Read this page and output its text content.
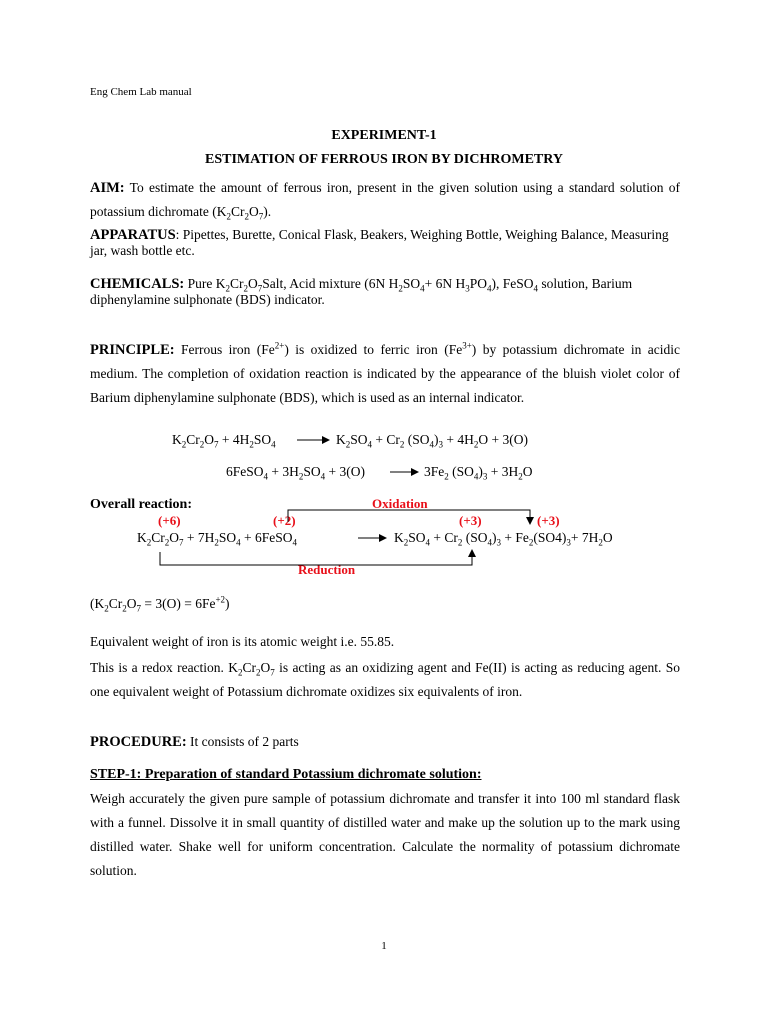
Eng Chem Lab manual
EXPERIMENT-1
ESTIMATION OF FERROUS IRON BY DICHROMETRY
AIM: To estimate the amount of ferrous iron, present in the given solution using a standard solution of potassium dichromate $(K_2Cr_2O_7)$.
APPARATUS: Pipettes, Burette, Conical Flask, Beakers, Weighing Bottle, Weighing Balance, Measuring jar, wash bottle etc.
CHEMICALS: Pure $K_2Cr_2O_7Salt$, Acid mixture (6N $H_2SO_4+ 6N$ $H_3PO_4$), FeSO$_4$ solution, Barium diphenylamine sulphonate (BDS) indicator.
PRINCIPLE: Ferrous iron $(Fe^{2+})$ is oxidized to ferric iron $(Fe^{3+})$ by potassium dichromate in acidic medium. The completion of oxidation reaction is indicated by the appearance of the bluish violet color of Barium diphenylamine sulphonate (BDS), which is used as an internal indicator.
$K_2Cr_2O_7 + 4H_2SO_4$	$K_2SO_4 + Cr_2$ $(SO_4)_3 + 4H_2O + 3(O)$
6FeSO$_4$ + $3H_2SO_4 + 3(O)$	$3Fe_2$ $(SO_4)_3 + 3H_2O$
Overall reaction:	Oxidation
(+6)	(+2)	(+3)	(+3)
$K_2Cr_2O_7 + 7H_2SO_4$ + 6FeSO$_4$	$K_2SO_4 + Cr_2$ $(SO_4)_3 + Fe_2(SO4)_3+ 7H_2O$
Reduction
$(K_2Cr_2O_7 = 3(O) = 6Fe^{+2})$
Equivalent weight of iron is its atomic weight i.e. 55.85.
This is a redox reaction. $K_2Cr_2O_7$ is acting as an oxidizing agent and Fe(II) is acting as reducing agent. So one equivalent weight of Potassium dichromate oxidizes six equivalents of iron.
PROCEDURE: It consists of 2 parts
STEP-1: Preparation of standard Potassium dichromate solution:
Weigh accurately the given pure sample of potassium dichromate and transfer it into 100 ml standard flask with a funnel. Dissolve it in small quantity of distilled water and make up the solution up to the mark using distilled water. Shake well for uniform concentration. Calculate the normality of potassium dichromate solution.
1
